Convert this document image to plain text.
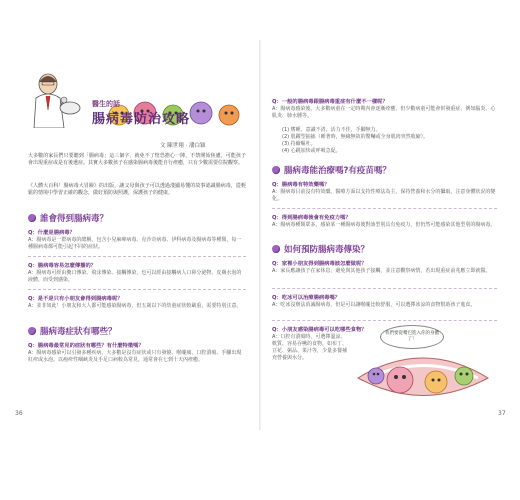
醫生的話
腸病毒防治攻略
文 陳世翔 · 潘白穎
大多數的家長們只要聽到「腸病毒」這三個字，就免不了惶恐擔心一陣，不禁開始焦慮，可能孩子會出現重症或是有後遺症。其實大多數孩子在感染腸病毒後能自行痊癒，只有少數需要住院觀察。
《人體大百科！腸病毒大冒險》的出版，讓父母與孩子可以透過淺顯易懂的故事認識腸病毒，從輕鬆的情境中學習正確的觀念，做好預防與照護，保護孩子的健康。
誰會得到腸病毒？
Q：什麼是腸病毒？
A：腸病毒是一群病毒的總稱，包含小兒麻痺病毒、克沙奇病毒、伊科病毒及腸病毒等種類，每一種腸病毒都可能引起不同的症狀。
Q：腸病毒容易怎麼傳播的？
A：腸病毒可經由糞口傳染、飛沫傳染、接觸傳染，也可以經由接觸病人口鼻分泌物、皮膚水泡的液體，而受到感染。
Q：是不是只有小朋友會得到腸病毒呢？
A：並非如此！小朋友和大人都可能感染腸病毒，但五歲以下的幼童症狀較嚴重，需要特別注意。
腸病毒症狀有哪些？
Q：腸病毒最常見的症狀有哪些？有什麼特徵嗎？
A：腸病毒感染可以引發多種疾病，大多數是沒有症狀或只有發燒、喉嚨痛、口腔潰瘍、手腳出現紅疹或水泡。以疱疹性咽峽炎及手足口病較為常見，通常會在七到十天內痊癒。
36
Q：一般的腸病毒跟腸病毒重症有什麼不一樣呢？
A：腸病毒感染後，大多數病童在一定時期內會逐漸痊癒，但少數病童可能會併發重症，例如腦炎、心肌炎、肺水腫等。
(1) 嗜睡、意識不清、活力不佳、手腳無力。
(2) 肌躍型抽搐（睡著時，無緣無故的驚嚇或全身肌肉突然收縮）。
(3) 持續嘔吐。
(4) 心跳加快或呼吸急促。
腸病毒能治療嗎?有疫苗嗎？
Q：腸病毒有特效藥嗎？
A：腸病毒目前沒有特效藥。醫療方面以支持性療法為主，保持營養和水分的攝取，注意身體狀況的變化。
Q：得到腸病毒後會有免疫力嗎？
A：腸病毒種類眾多，感染某一種腸病毒後對該型別具有免疫力，但仍然可能感染其他型別的腸病毒。
如何預防腸病毒傳染？
Q：家裡小朋友得到腸病毒該怎麼做呢？
A：家長應讓孩子在家休息，避免與其他孩子接觸，並注意觀察病情，若出現重症前兆應立即就醫。
Q：吃冰可以治療腸病毒嗎？
A：吃冰沒辦法消滅腸病毒，但是可以讓喉嚨比較舒服，可以選擇冰涼的食物幫助孩子進食。
Q：小朋友感染腸病毒可以吃哪些食物？
A：口腔有潰瘍時，可選擇溫涼、軟質、容易吞嚥的食物，如布丁、豆花、粥品、果汁等，少量多餐補充營養與水分。
37
我們要從嘴巴進入你的身體了！
